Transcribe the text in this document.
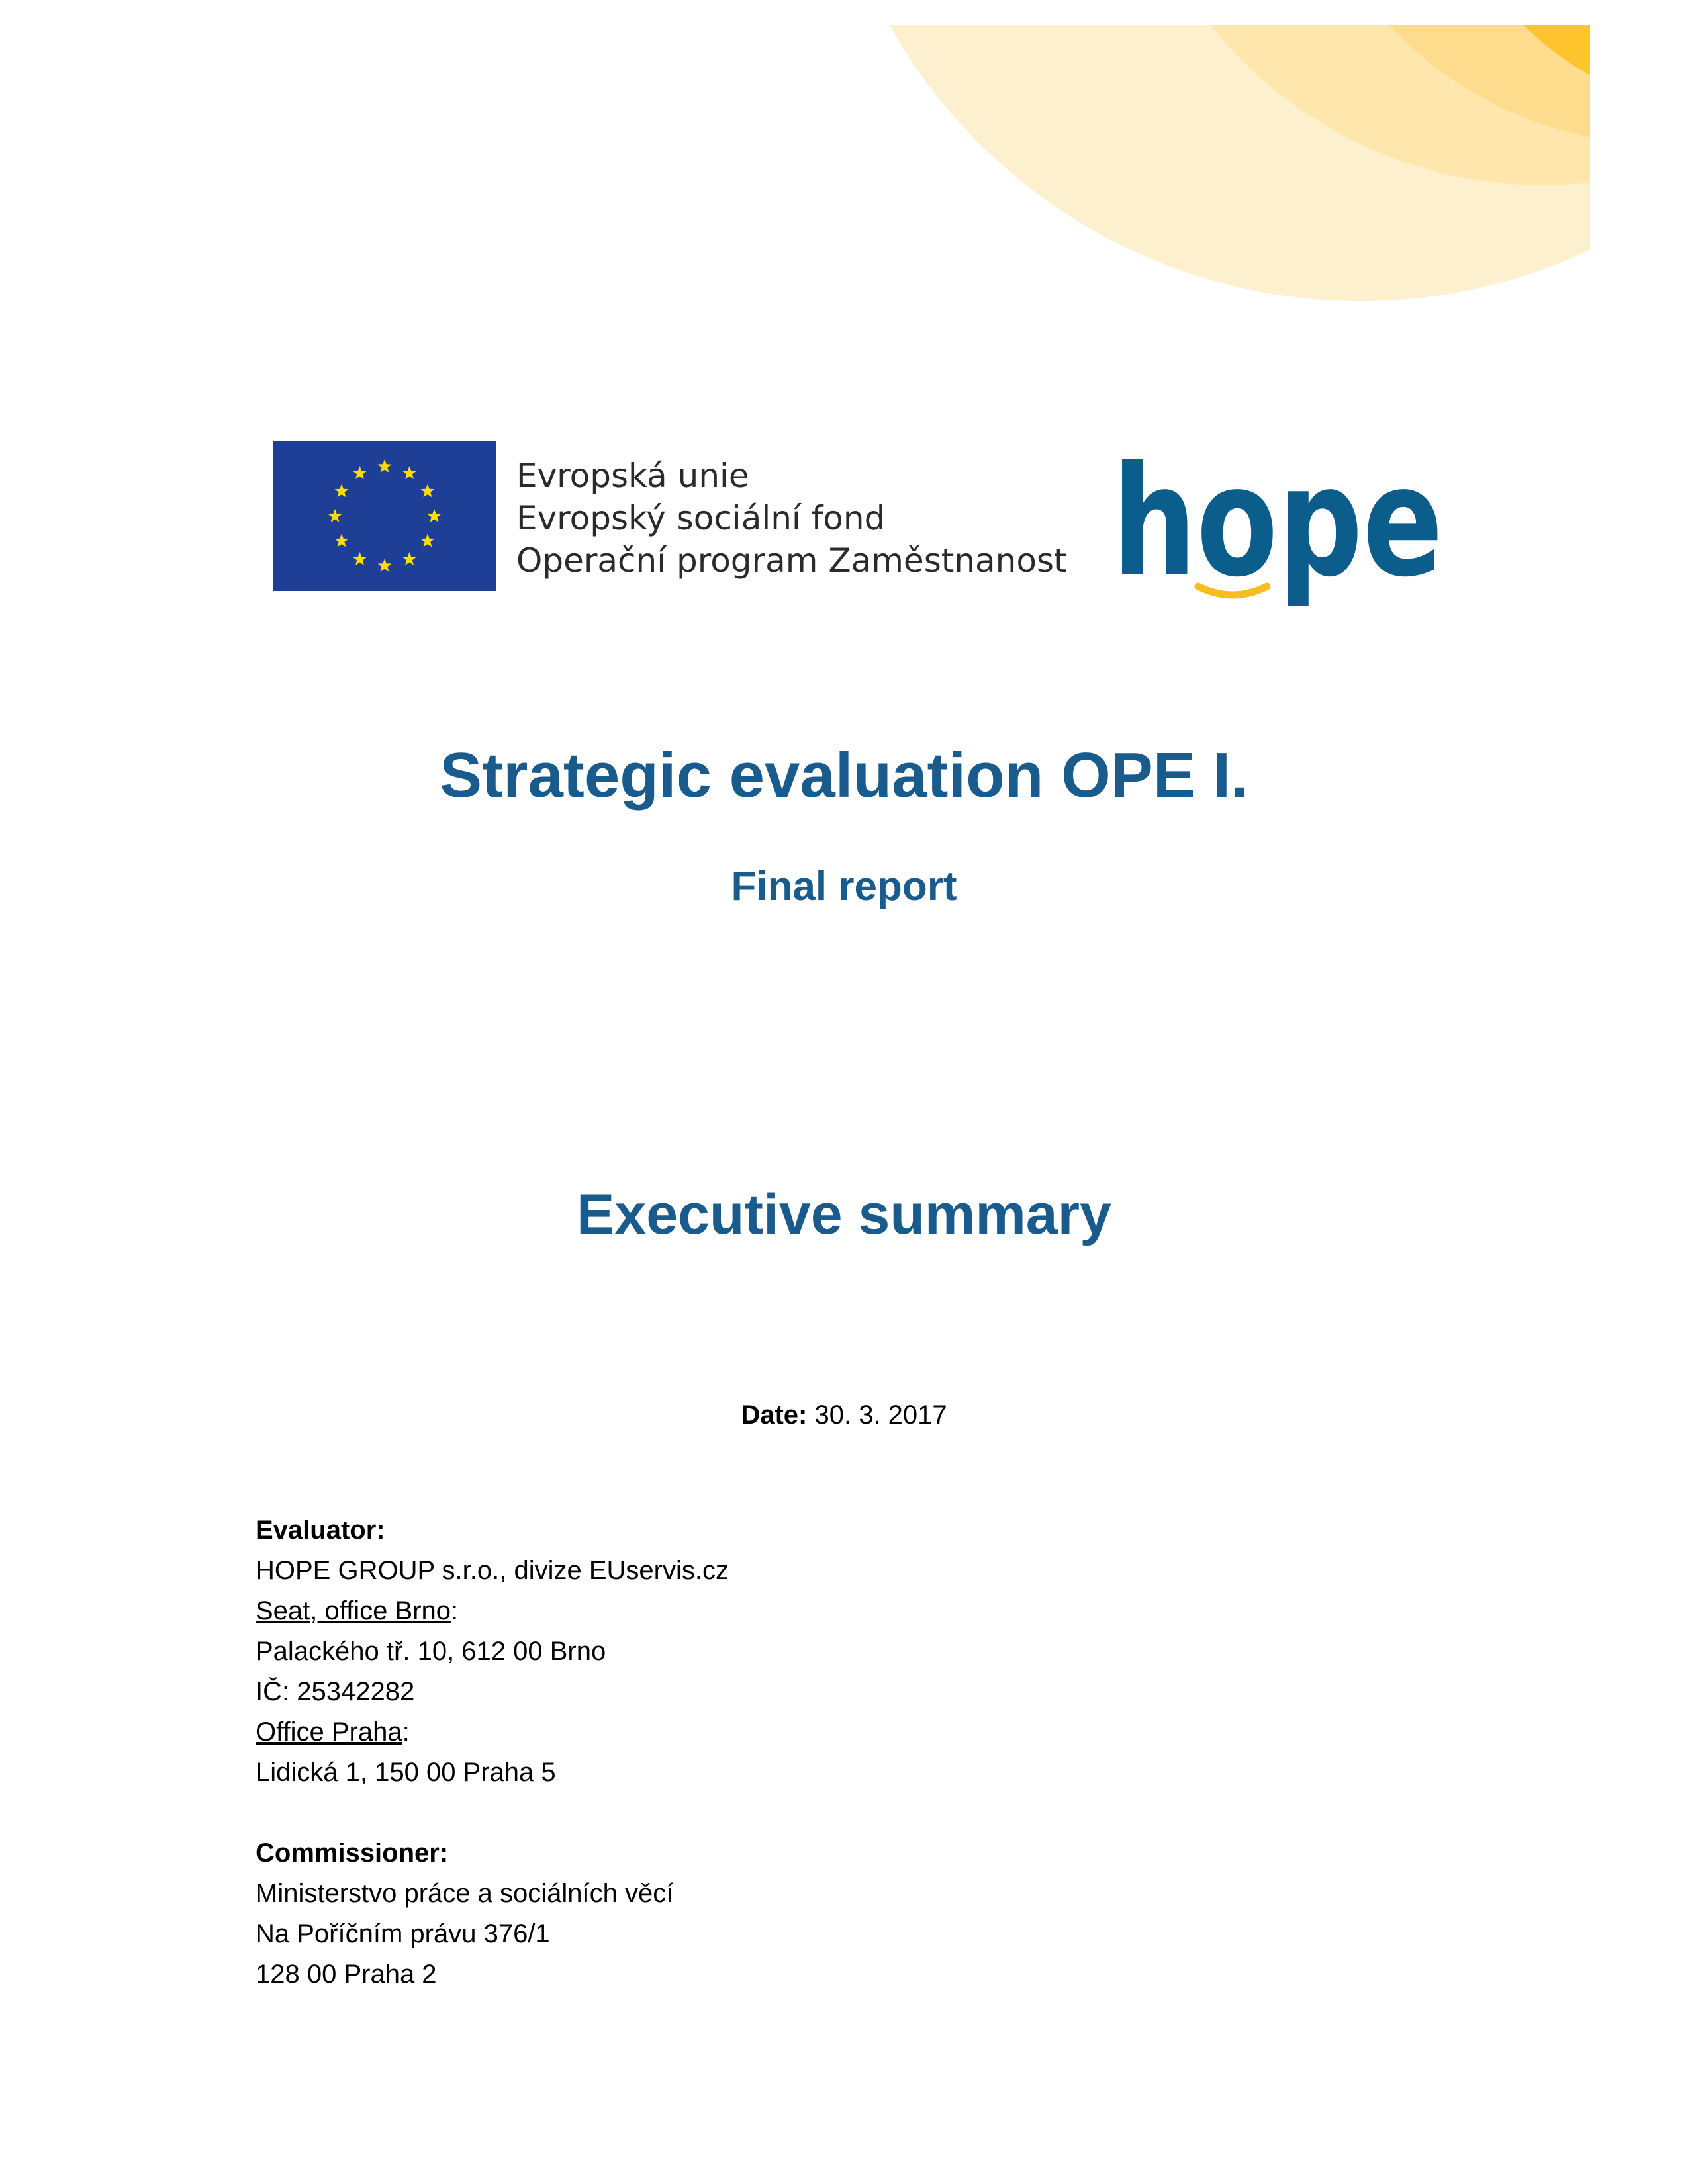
Evropská unie
Evropský sociální fond
Operační program Zaměstnanost hope
Strategic evaluation OPE I.
Final report
Executive summary
Date: 30. 3. 2017
Evaluator:
HOPE GROUP s.r.o., divize EUservis.cz
Seat, office Brno:
Palackého tř. 10, 612 00 Brno
IČ: 25342282
Office Praha:
Lidická 1, 150 00 Praha 5
Commissioner:
Ministerstvo práce a sociálních věcí
Na Poříčním právu 376/1
128 00 Praha 2
